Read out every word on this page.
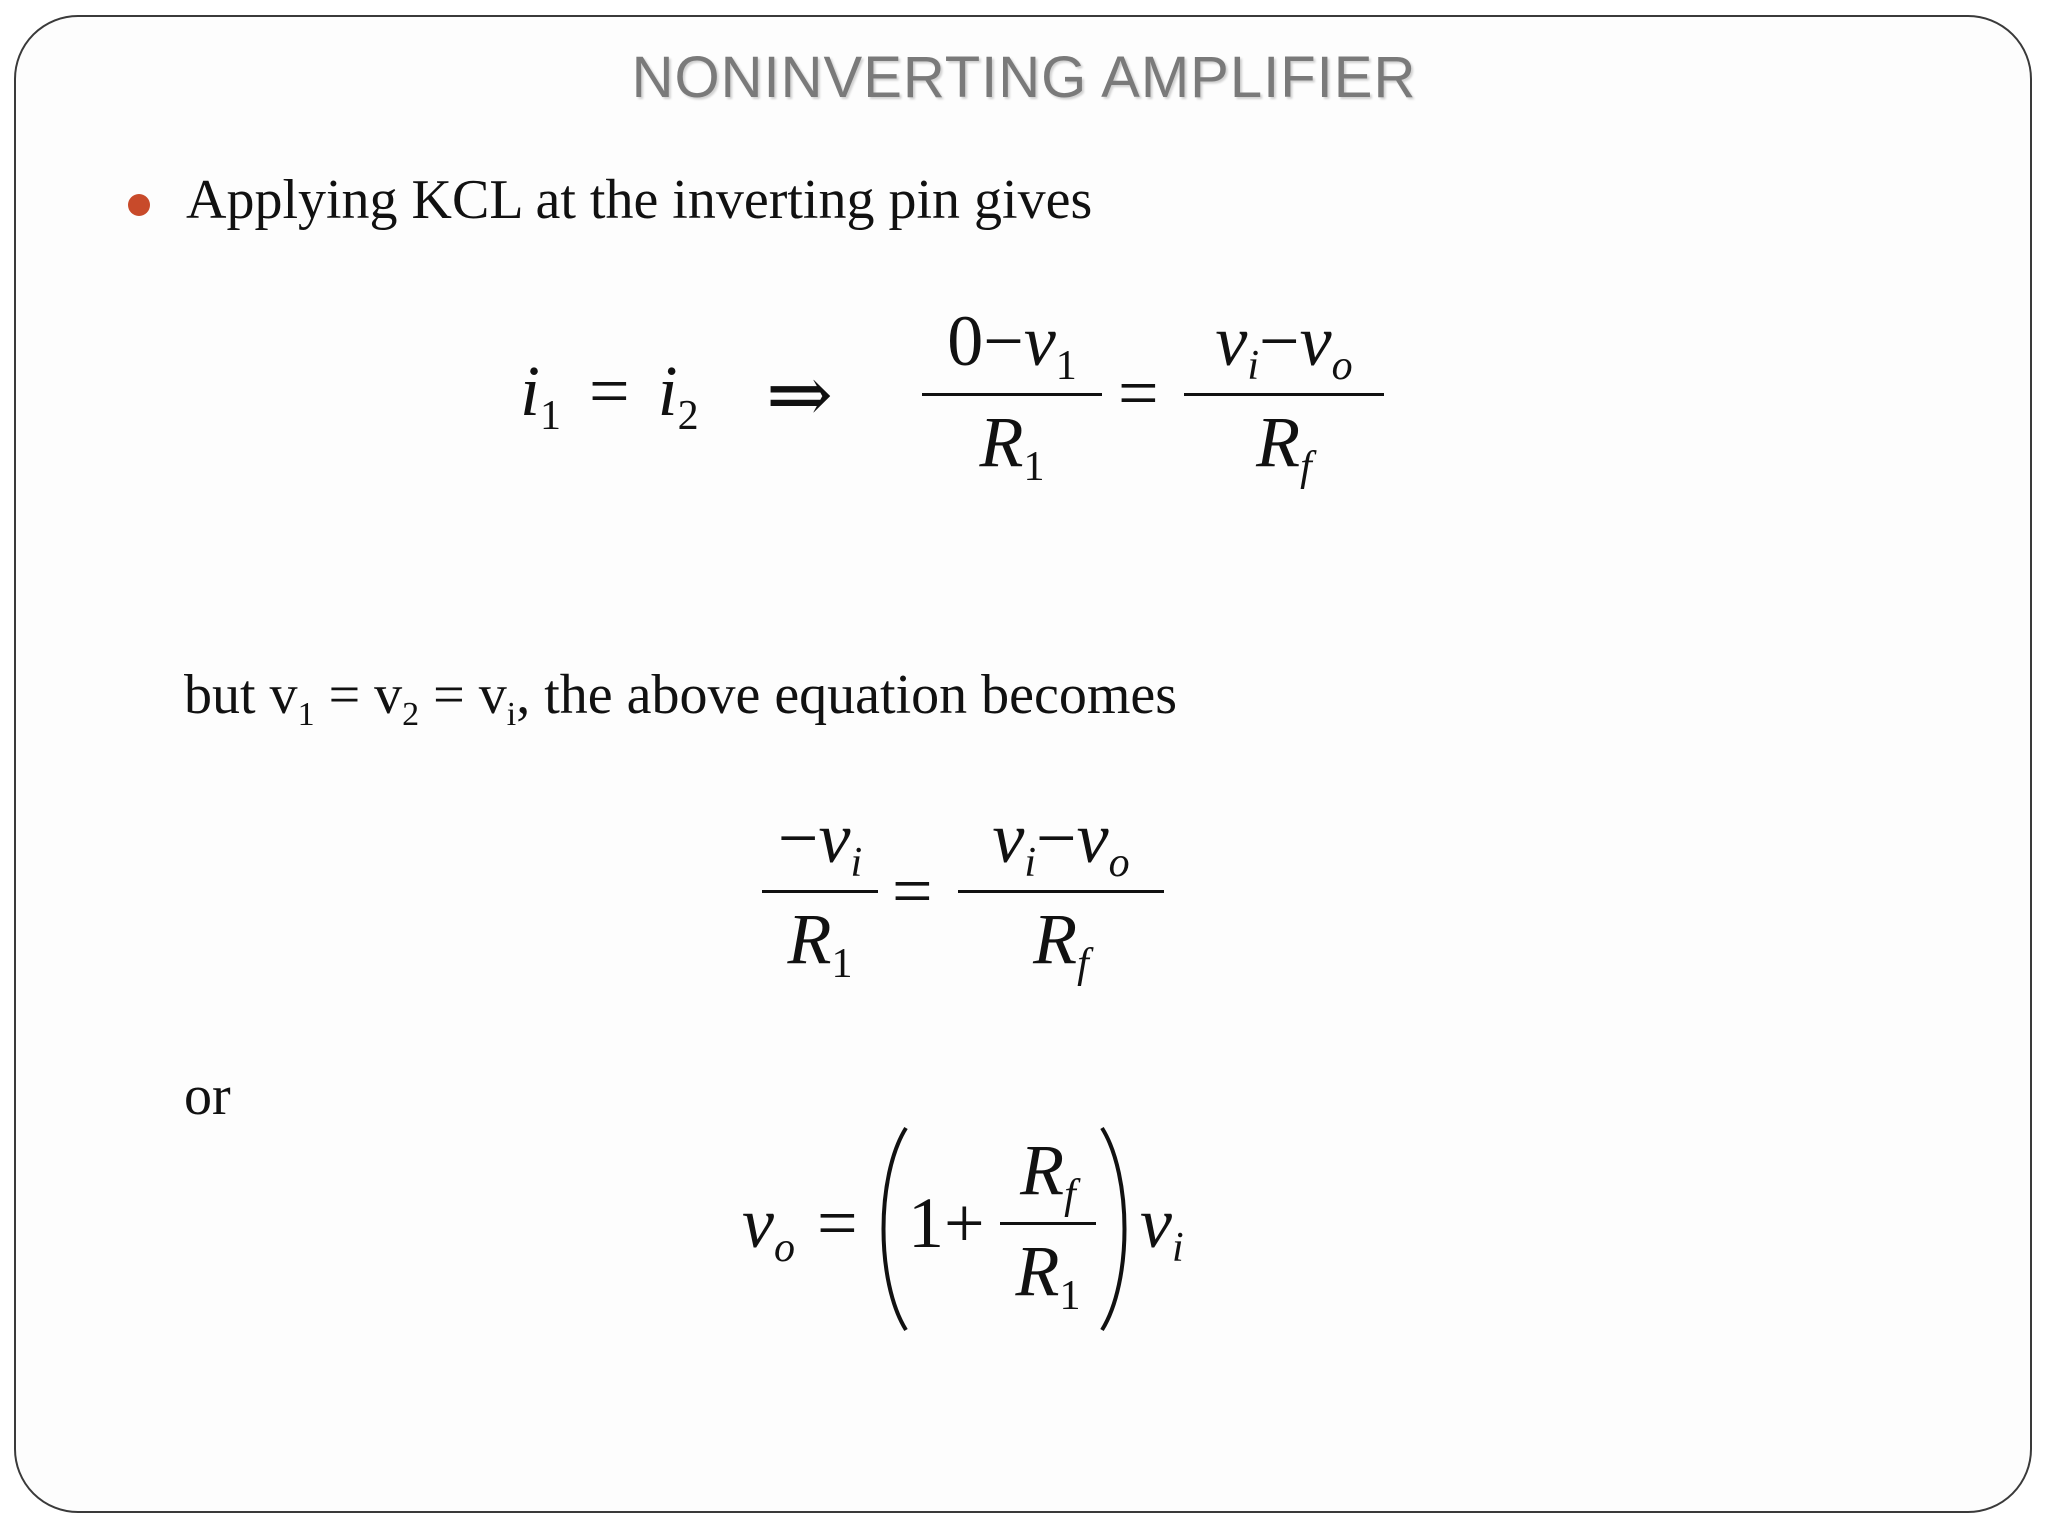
NONINVERTING AMPLIFIER
Applying KCL at the inverting pin gives
$i_1 = i_2$ ⇒
$0-v_1$
$R_1$
=
vi−vo
Rf
but $v_1 = v_2 = v_i$, the above equation becomes
−vi
$R_1$
=
vi−vo
Rf
or
vo = 1+
Rf
$R_1$
vi
